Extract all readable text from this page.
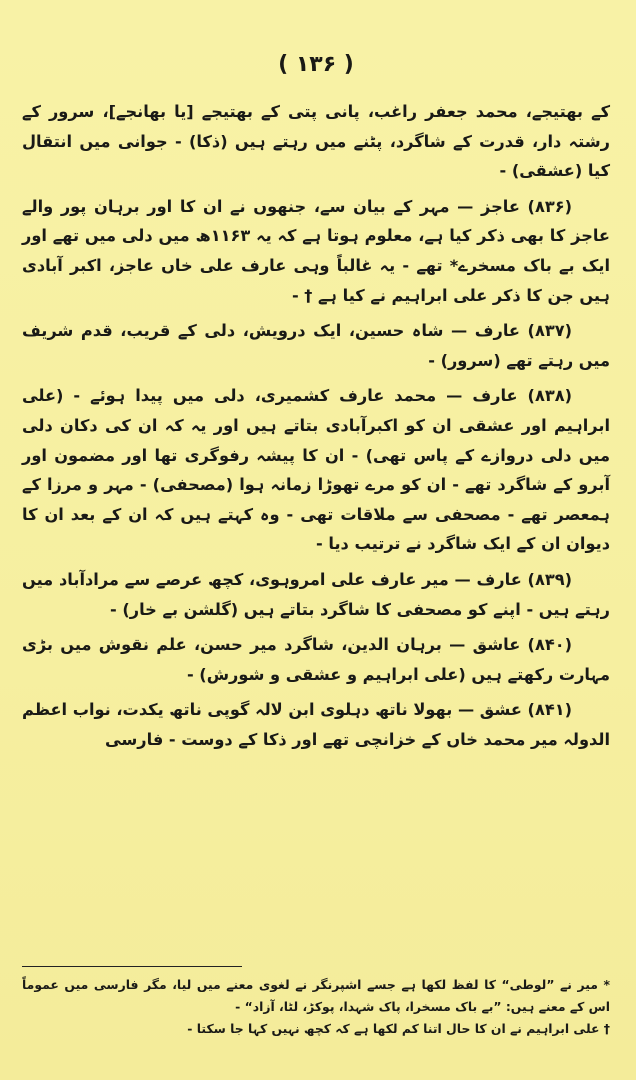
( ۱۳۶ )

کے بھتیجے، محمد جعفر راغب، پانی پتی کے بھتیجے [یا بھانجے]، سرور کے رشتہ دار، قدرت کے شاگرد، پٹنے میں رہتے ہیں (ذکا) - جوانی میں انتقال کیا (عشقی) -

(۸۳۶) عاجز — مہر کے بیان سے، جنھوں نے ان کا اور برہان پور والے عاجز کا بھی ذکر کیا ہے، معلوم ہوتا ہے کہ یہ ۱۱۶۳ھ میں دلی میں تھے اور ایک بے باک مسخرے* تھے - یہ غالباً وہی عارف علی خاں عاجز، اکبر آبادی ہیں جن کا ذکر علی ابراہیم نے کیا ہے † -

(۸۳۷) عارف — شاہ حسین، ایک درویش، دلی کے قریب، قدم شریف میں رہتے تھے (سرور) -

(۸۳۸) عارف — محمد عارف کشمیری، دلی میں پیدا ہوئے - (علی ابراہیم اور عشقی ان کو اکبرآبادی بتاتے ہیں اور یہ کہ ان کی دکان دلی میں دلی دروازے کے پاس تھی) - ان کا پیشہ رفوگری تھا اور مضمون اور آبرو کے شاگرد تھے - ان کو مرے تھوڑا زمانہ ہوا (مصحفی) - مہر و مرزا کے ہمعصر تھے - مصحفی سے ملاقات تھی - وہ کہتے ہیں کہ ان کے بعد ان کا دیوان ان کے ایک شاگرد نے ترتیب دیا -

(۸۳۹) عارف — میر عارف علی امروہوی، کچھ عرصے سے مرادآباد میں رہتے ہیں - اپنے کو مصحفی کا شاگرد بتاتے ہیں (گلشن بے خار) -

(۸۴۰) عاشق — برہان الدین، شاگرد میر حسن، علم نقوش میں بڑی مہارت رکھتے ہیں (علی ابراہیم و عشقی و شورش) -

(۸۴۱) عشق — بھولا ناتھ دہلوی ابن لالہ گوپی ناتھ یکدت، نواب اعظم الدولہ میر محمد خاں کے خزانچی تھے اور ذکا کے دوست - فارسی

* میر نے ”لوطی“ کا لفظ لکھا ہے جسے اشپرنگر نے لغوی معنے میں لیا، مگر فارسی میں عموماً اس کے معنے ہیں: ”بے باک مسخرا، پاک شہدا، پوکڑ، لٹا، آزاد“ -

† علی ابراہیم نے ان کا حال اتنا کم لکھا ہے کہ کچھ نہیں کہا جا سکتا -
